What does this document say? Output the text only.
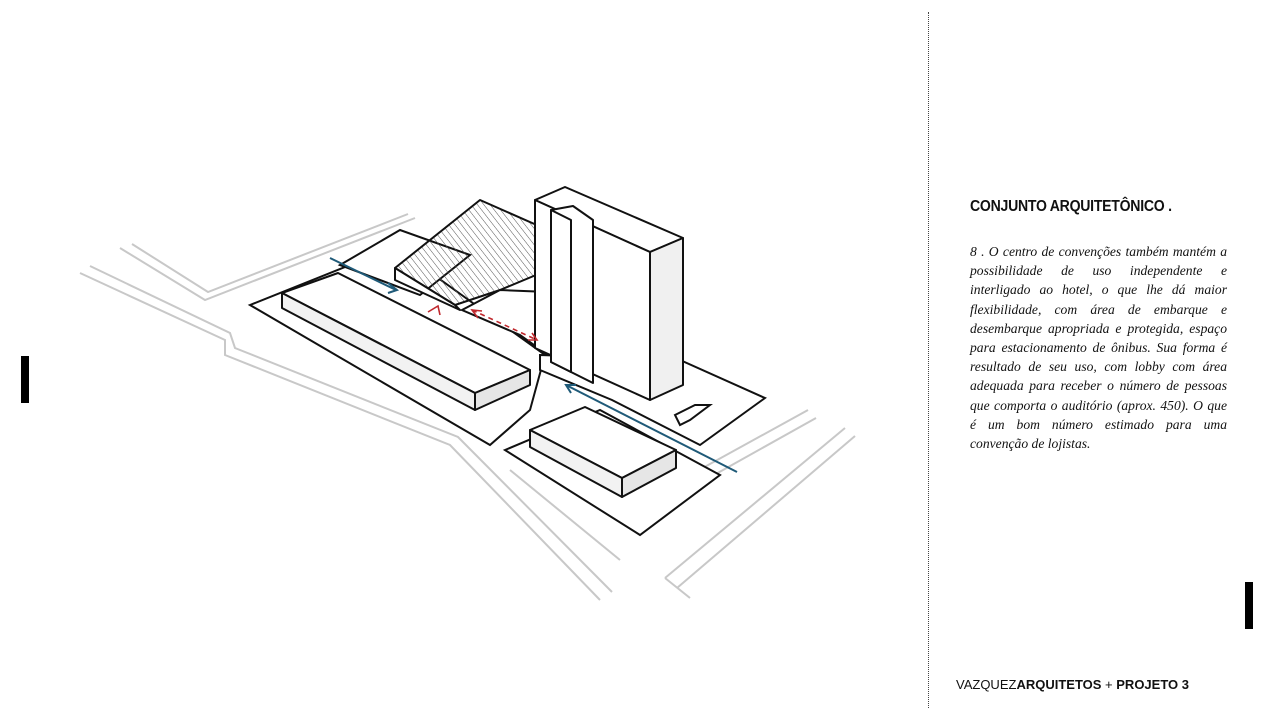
CONJUNTO ARQUITETÔNICO .
8 . O centro de convenções também mantém a possibilidade de uso independente e interligado ao hotel, o que lhe dá maior flexibilidade, com área de embarque e desembarque apropriada e protegida, espaço para estacionamento de ônibus. Sua forma é resultado de seu uso, com lobby com área adequada para receber o número de pessoas que comporta o auditório (aprox. 450). O que é um bom número estimado para uma convenção de lojistas.
VAZQUEZARQUITETOS + PROJETO 3
